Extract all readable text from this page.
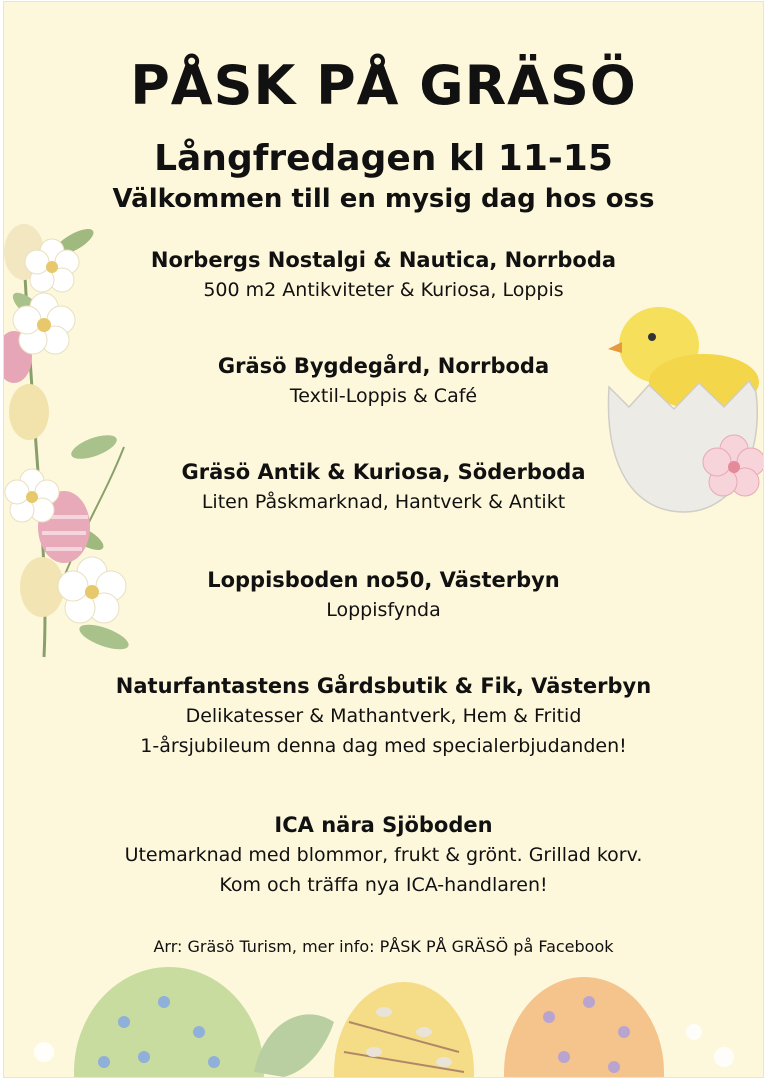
PÅSK PÅ GRÄSÖ
Långfredagen kl 11-15
Välkommen till en mysig dag hos oss
Norbergs Nostalgi & Nautica, Norrboda
500 m2 Antikviteter & Kuriosa, Loppis
Gräsö Bygdegård, Norrboda
Textil-Loppis & Café
Gräsö Antik & Kuriosa, Söderboda
Liten Påskmarknad, Hantverk & Antikt
Loppisboden no50, Västerbyn
Loppisfynda
Naturfantastens Gårdsbutik & Fik, Västerbyn
Delikatesser & Mathantverk, Hem & Fritid
1-årsjubileum denna dag med specialerbjudanden!
ICA nära Sjöboden
Utemarknad med blommor, frukt & grönt. Grillad korv.
Kom och träffa nya ICA-handlaren!
Arr: Gräsö Turism, mer info: PÅSK PÅ GRÄSÖ på Facebook
